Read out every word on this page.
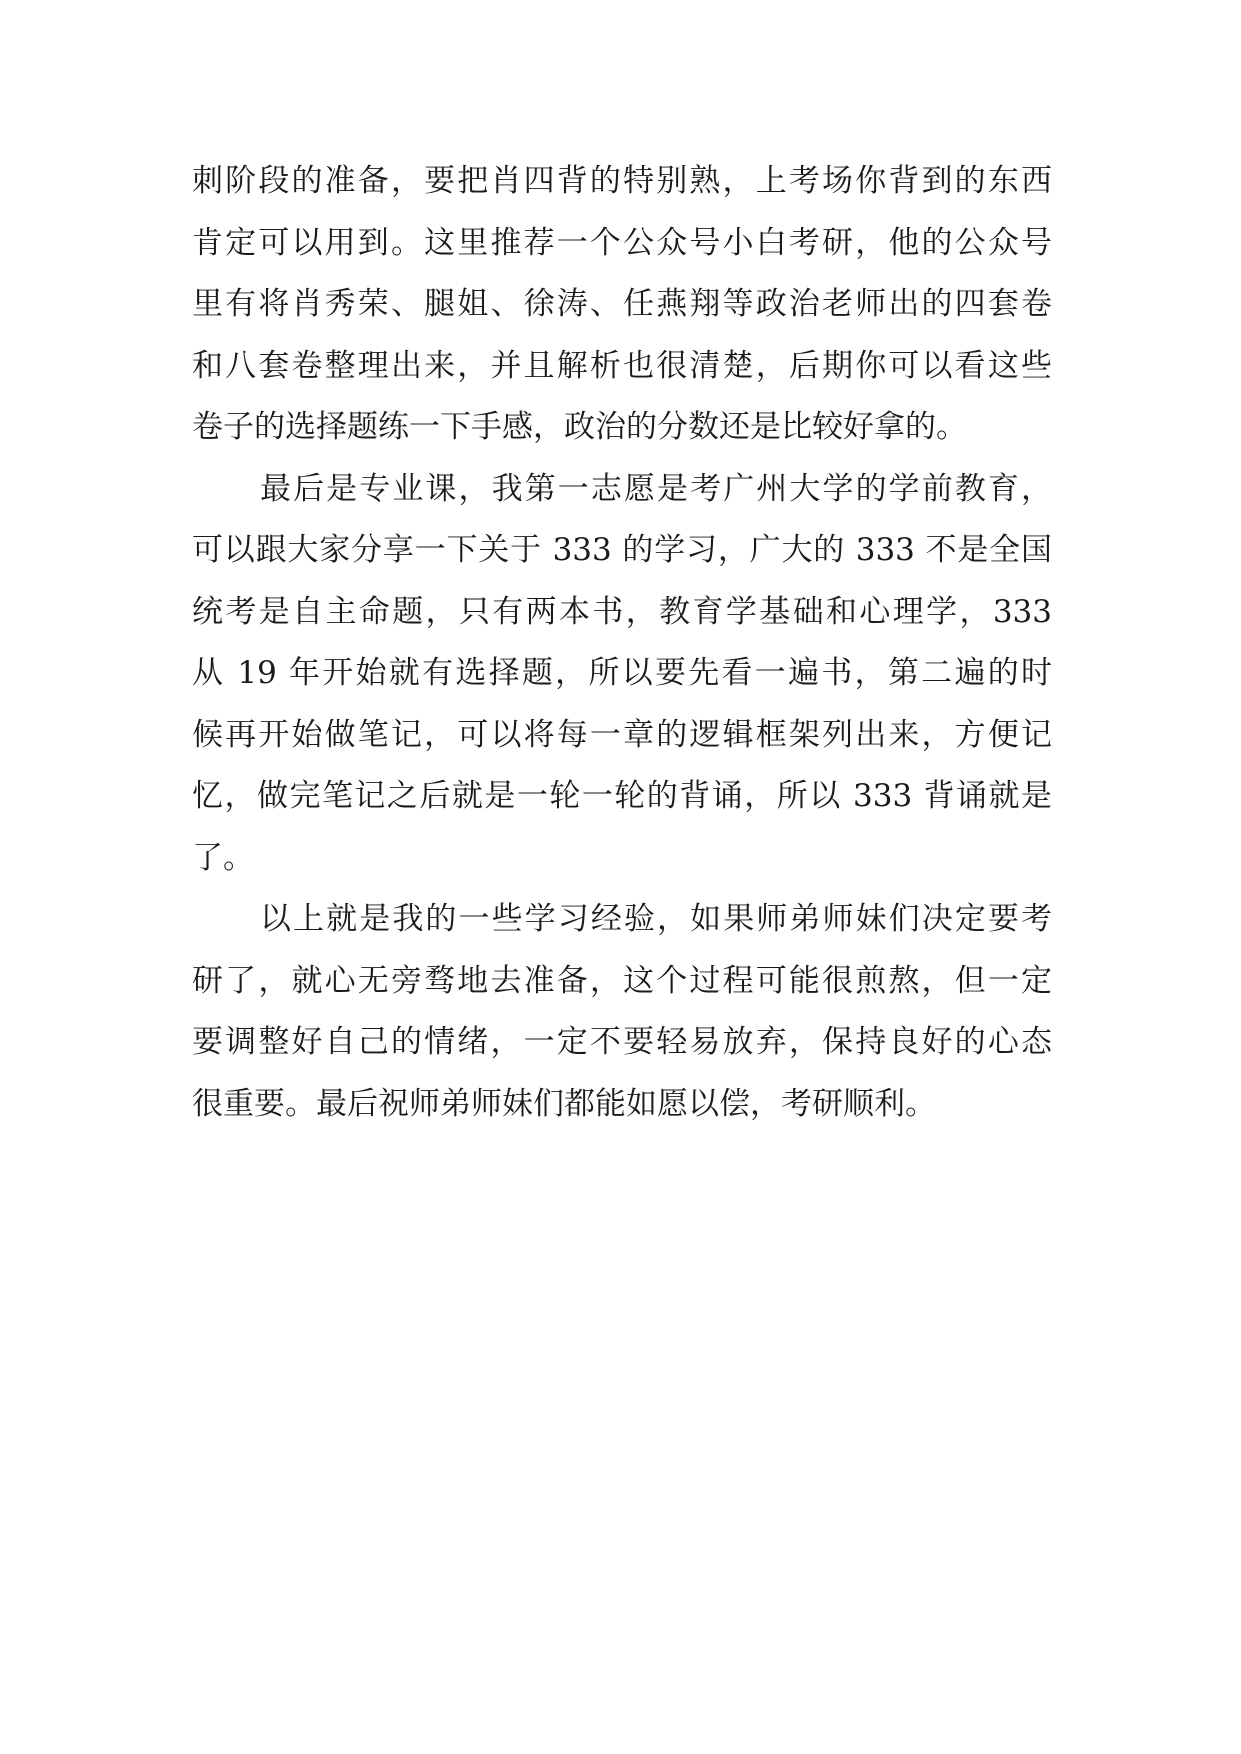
刺阶段的准备，要把肖四背的特别熟，上考场你背到的东西
肯定可以用到。这里推荐一个公众号小白考研，他的公众号
里有将肖秀荣、腿姐、徐涛、任燕翔等政治老师出的四套卷
和八套卷整理出来，并且解析也很清楚，后期你可以看这些
卷子的选择题练一下手感，政治的分数还是比较好拿的。
最后是专业课，我第一志愿是考广州大学的学前教育，
可以跟大家分享一下关于 333 的学习，广大的 333 不是全国
统考是自主命题，只有两本书，教育学基础和心理学，333
从 19 年开始就有选择题，所以要先看一遍书，第二遍的时
候再开始做笔记，可以将每一章的逻辑框架列出来，方便记
忆，做完笔记之后就是一轮一轮的背诵，所以 333 背诵就是
了。
以上就是我的一些学习经验，如果师弟师妹们决定要考
研了，就心无旁骛地去准备，这个过程可能很煎熬，但一定
要调整好自己的情绪，一定不要轻易放弃，保持良好的心态
很重要。最后祝师弟师妹们都能如愿以偿，考研顺利。
